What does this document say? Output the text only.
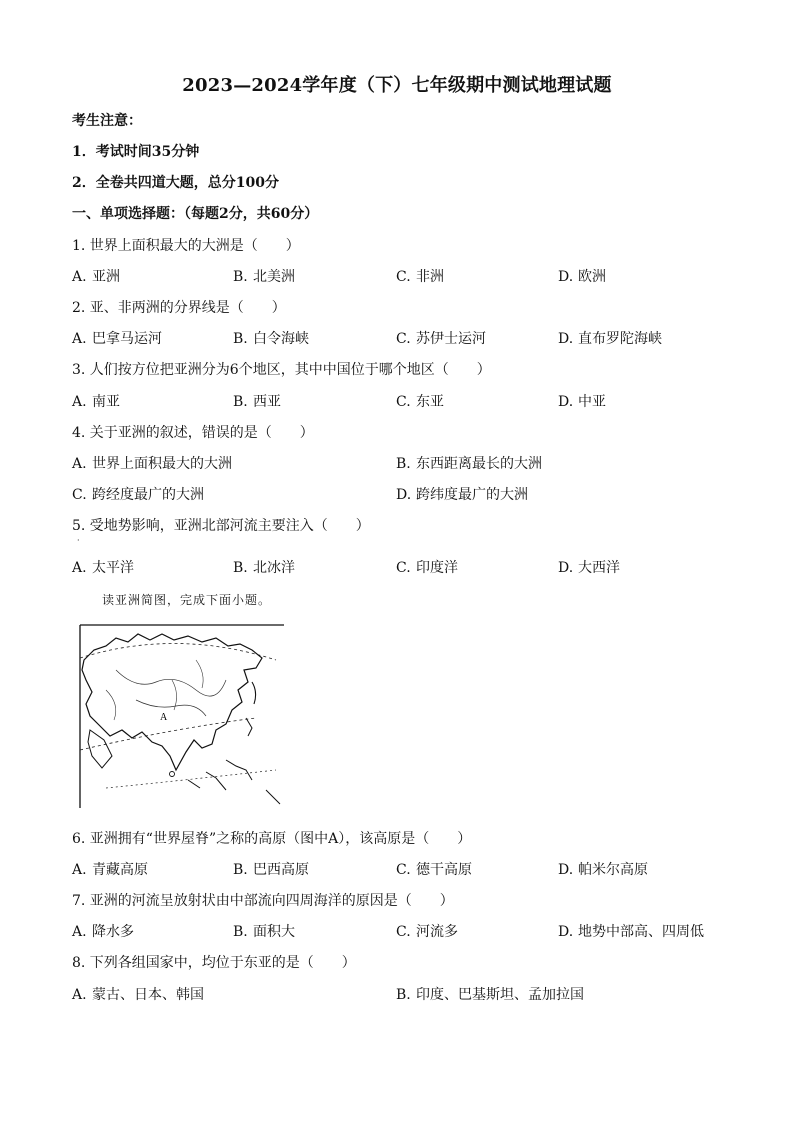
2023—2024学年度（下）七年级期中测试地理试题
考生注意：
1．考试时间35分钟
2．全卷共四道大题，总分100分
一、单项选择题：（每题2分，共60分）
1. 世界上面积最大的大洲是（　　）
A. 亚洲	B. 北美洲	C. 非洲	D. 欧洲
2. 亚、非两洲的分界线是（　　）
A. 巴拿马运河	B. 白令海峡	C. 苏伊士运河	D. 直布罗陀海峡
3. 人们按方位把亚洲分为6个地区，其中中国位于哪个地区（　　）
A. 南亚	B. 西亚	C. 东亚	D. 中亚
4. 关于亚洲的叙述，错误的是（　　）
A. 世界上面积最大的大洲	B. 东西距离最长的大洲
C. 跨经度最广的大洲	D. 跨纬度最广的大洲
5. 受地势影响，亚洲北部河流主要注入（　　）
·
A. 太平洋	B. 北冰洋	C. 印度洋	D. 大西洋
读亚洲简图，完成下面小题。
A
6. 亚洲拥有“世界屋脊”之称的高原（图中A），该高原是（　　）
A. 青藏高原	B. 巴西高原	C. 德干高原	D. 帕米尔高原
7. 亚洲的河流呈放射状由中部流向四周海洋的原因是（　　）
A. 降水多	B. 面积大	C. 河流多	D. 地势中部高、四周低
8. 下列各组国家中，均位于东亚的是（　　）
A. 蒙古、日本、韩国	B. 印度、巴基斯坦、孟加拉国
